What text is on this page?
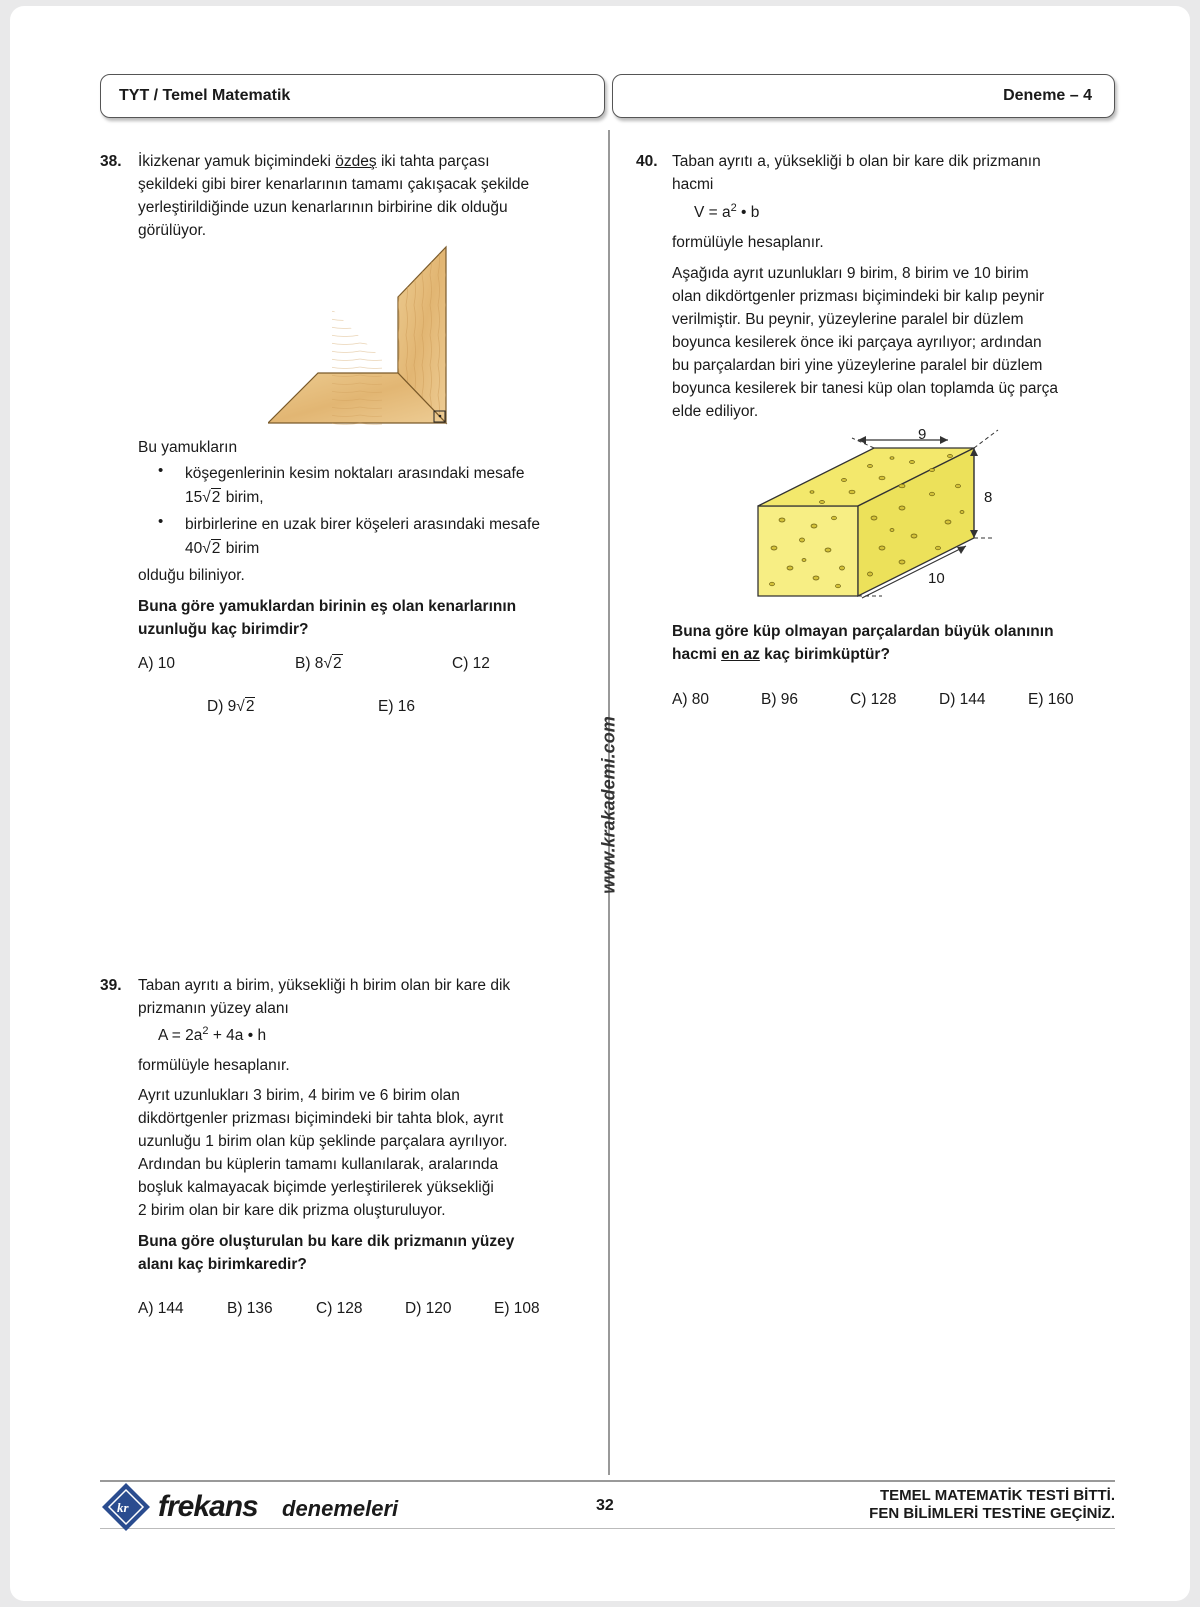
TYT / Temel Matematik	Deneme – 4
www.krakademi.com
38. İkizkenar yamuk biçimindeki özdeş iki tahta parçası
şekildeki gibi birer kenarlarının tamamı çakışacak şekilde
yerleştirildiğinde uzun kenarlarının birbirine dik olduğu
görülüyor.
Bu yamukların
• köşegenlerinin kesim noktaları arasındaki mesafe
15√2 birim,
• birbirlerine en uzak birer köşeleri arasındaki mesafe
40√2 birim
olduğu biliniyor.
Buna göre yamuklardan birinin eş olan kenarlarının
uzunluğu kaç birimdir?
A) 10	B) 8√2	C) 12
D) 9√2	E) 16
39. Taban ayrıtı a birim, yüksekliği h birim olan bir kare dik
prizmanın yüzey alanı
$A = 2a^2 + 4a$ • h
formülüyle hesaplanır.
Ayrıt uzunlukları 3 birim, 4 birim ve 6 birim olan
dikdörtgenler prizması biçimindeki bir tahta blok, ayrıt
uzunluğu 1 birim olan küp şeklinde parçalara ayrılıyor.
Ardından bu küplerin tamamı kullanılarak, aralarında
boşluk kalmayacak biçimde yerleştirilerek yüksekliği
2 birim olan bir kare dik prizma oluşturuluyor.
Buna göre oluşturulan bu kare dik prizmanın yüzey
alanı kaç birimkaredir?
A) 144	B) 136	C) 128	D) 120	E) 108
40. Taban ayrıtı a, yüksekliği b olan bir kare dik prizmanın
hacmi
$V = a^2$ • b
formülüyle hesaplanır.
Aşağıda ayrıt uzunlukları 9 birim, 8 birim ve 10 birim
olan dikdörtgenler prizması biçimindeki bir kalıp peynir
verilmiştir. Bu peynir, yüzeylerine paralel bir düzlem
boyunca kesilerek önce iki parçaya ayrılıyor; ardından
bu parçalardan biri yine yüzeylerine paralel bir düzlem
boyunca kesilerek bir tanesi küp olan toplamda üç parça
elde ediliyor.
9
8
10
Buna göre küp olmayan parçalardan büyük olanının
hacmi en az kaç birimküptür?
A) 80	B) 96	C) 128	D) 144	E) 160
kr frekans denemeleri	32
TEMEL MATEMATİK TESTİ BİTTİ.
FEN BİLİMLERİ TESTİNE GEÇİNİZ.
